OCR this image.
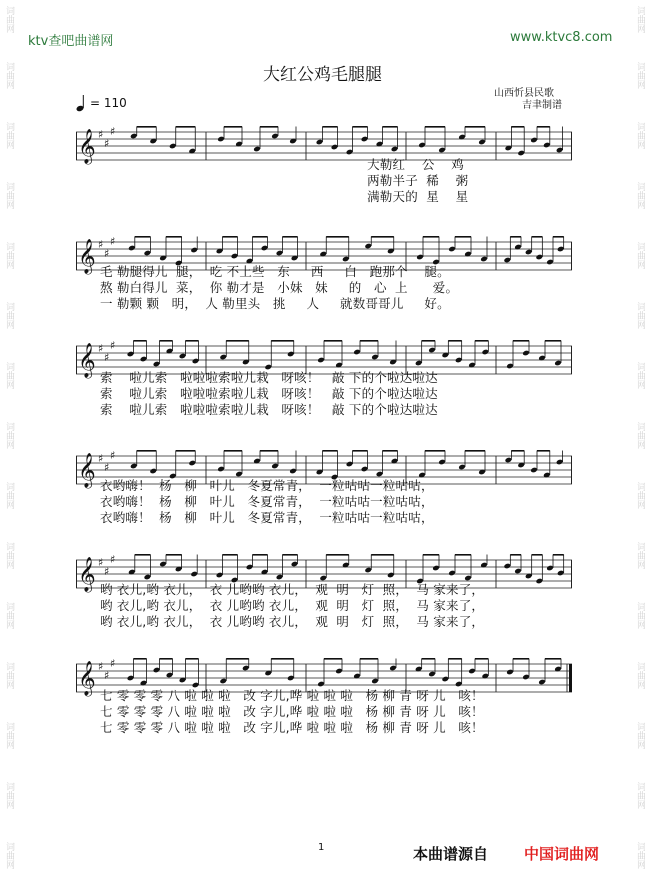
词曲网
词曲网
词曲网
词曲网
词曲网
词曲网
词曲网
词曲网
词曲网
词曲网
词曲网
词曲网
词曲网
词曲网
词曲网
词曲网
词曲网
词曲网
词曲网
词曲网
词曲网
词曲网
词曲网
词曲网
词曲网
词曲网
词曲网
词曲网
词曲网
词曲网
ktv查吧曲谱网	www.ktvc8.com
大红公鸡毛腿腿
山西忻县民歌
吉聿制谱
= 110
𝄞 ♯
♯
♯
大勒红    公    鸡
两勒半子  稀    粥
满勒天的  星    星
𝄞 ♯
♯
♯
毛 勒腿得儿  腿，  吃 不上些   东     西     白   跑那个    腿。
熬 勒白得儿  菜，  你 勒才是   小妹   妹     的   心  上      爱。
一 勒颗 颗   明，  人 勒里头   挑     人     就数哥哥儿     好。
𝄞 ♯
♯
♯
索    啦儿索   啦啦啦索啦儿栽   呀咳！   敲 下的个啦达啦达
索    啦儿索   啦啦啦索啦儿栽   呀咳！   敲 下的个啦达啦达
索    啦儿索   啦啦啦索啦儿栽   呀咳！   敲 下的个啦达啦达
𝄞 ♯
♯
♯
衣哟嗨！  杨   柳   叶儿   冬夏常青，  一粒咕咕一粒咕咕，
衣哟嗨！  杨   柳   叶儿   冬夏常青，  一粒咕咕一粒咕咕，
衣哟嗨！  杨   柳   叶儿   冬夏常青，  一粒咕咕一粒咕咕，
𝄞 ♯
♯
♯
哟 衣儿,哟 衣儿，  衣 儿哟哟 衣儿，  观  明   灯  照，  马 家来了，
哟 衣儿,哟 衣儿，  衣 儿哟哟 衣儿，  观  明   灯  照，  马 家来了，
哟 衣儿,哟 衣儿，  衣 儿哟哟 衣儿，  观  明   灯  照，  马 家来了，
𝄞 ♯
♯
♯
七 零 零 零 八 啦 啦 啦   改 字儿,哗 啦 啦 啦   杨 柳 青 呀 儿   咳！
七 零 零 零 八 啦 啦 啦   改 字儿,哗 啦 啦 啦   杨 柳 青 呀 儿   咳！
七 零 零 零 八 啦 啦 啦   改 字儿,哗 啦 啦 啦   杨 柳 青 呀 儿   咳！
1	本曲谱源自 中国词曲网
